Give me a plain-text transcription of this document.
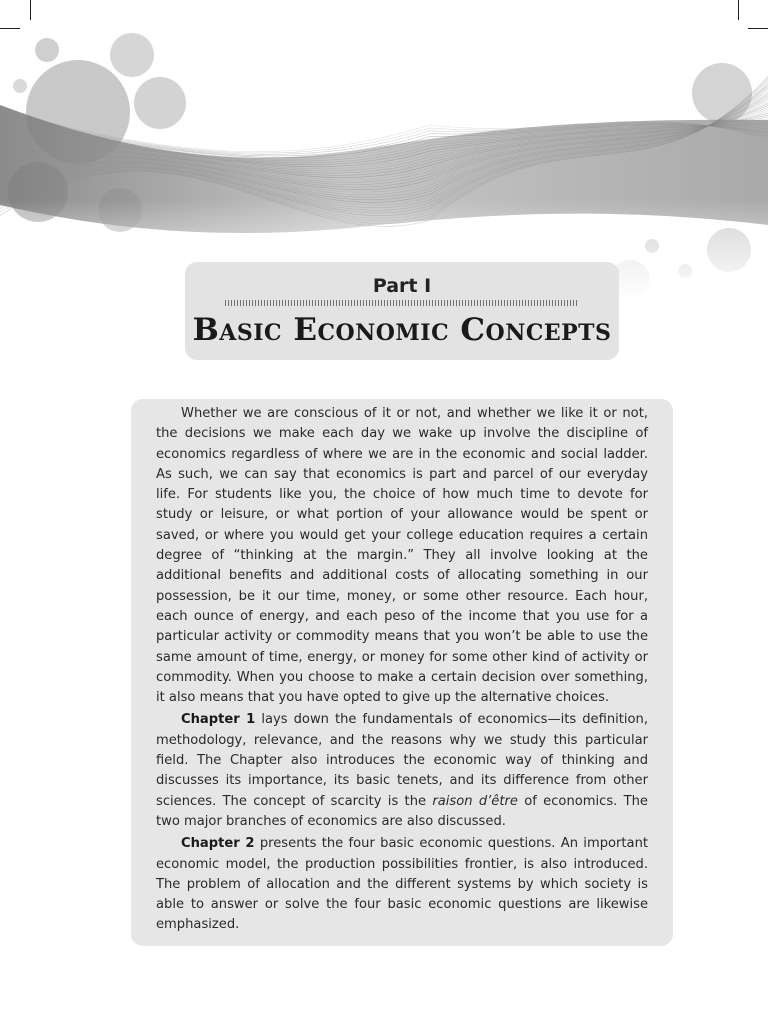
Part I
Basic Economic Concepts

Whether we are conscious of it or not, and whether we like it or not, the decisions we make each day we wake up involve the discipline of economics regardless of where we are in the economic and social ladder. As such, we can say that economics is part and parcel of our everyday life. For students like you, the choice of how much time to devote for study or leisure, or what portion of your allowance would be spent or saved, or where you would get your college education requires a certain degree of “thinking at the margin.” They all involve looking at the additional benefits and additional costs of allocating something in our possession, be it our time, money, or some other resource. Each hour, each ounce of energy, and each peso of the income that you use for a particular activity or commodity means that you won’t be able to use the same amount of time, energy, or money for some other kind of activity or commodity. When you choose to make a certain decision over something, it also means that you have opted to give up the alternative choices.

Chapter 1 lays down the fundamentals of economics—its definition, methodology, relevance, and the reasons why we study this particular field. The Chapter also introduces the economic way of thinking and discusses its importance, its basic tenets, and its difference from other sciences. The concept of scarcity is the raison d’être of economics. The two major branches of economics are also discussed.

Chapter 2 presents the four basic economic questions. An important economic model, the production possibilities frontier, is also introduced. The problem of allocation and the different systems by which society is able to answer or solve the four basic economic questions are likewise emphasized.
